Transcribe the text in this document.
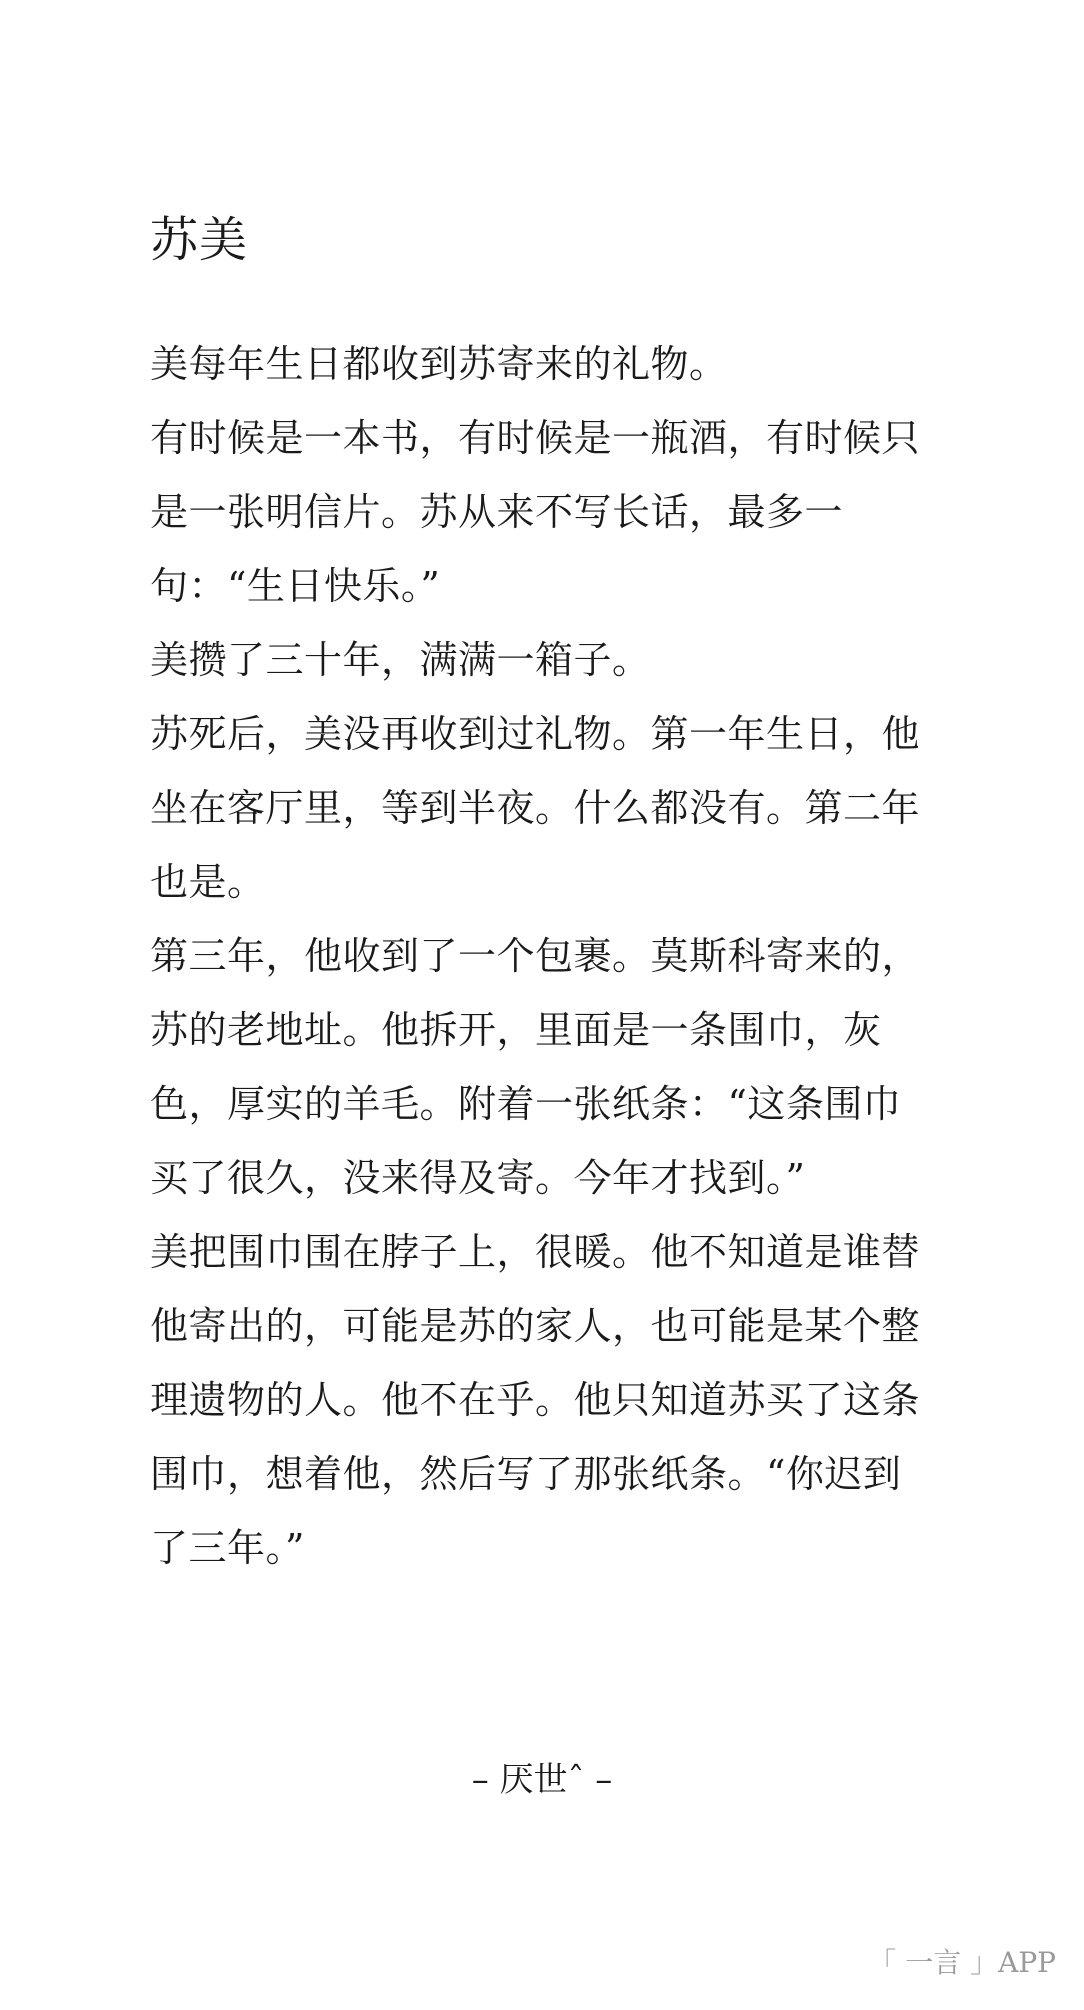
苏美

美每年生日都收到苏寄来的礼物。

有时候是一本书，有时候是一瓶酒，有时候只是一张明信片。苏从来不写长话，最多一句：“生日快乐。”

美攒了三十年，满满一箱子。

苏死后，美没再收到过礼物。第一年生日，他坐在客厅里，等到半夜。什么都没有。第二年也是。

第三年，他收到了一个包裹。莫斯科寄来的，苏的老地址。他拆开，里面是一条围巾，灰色，厚实的羊毛。附着一张纸条：“这条围巾买了很久，没来得及寄。今年才找到。”

美把围巾围在脖子上，很暖。他不知道是谁替他寄出的，可能是苏的家人，也可能是某个整理遗物的人。他不在乎。他只知道苏买了这条围巾，想着他，然后写了那张纸条。“你迟到了三年。”

– 厌世ˆ –
「 一言 」APP
